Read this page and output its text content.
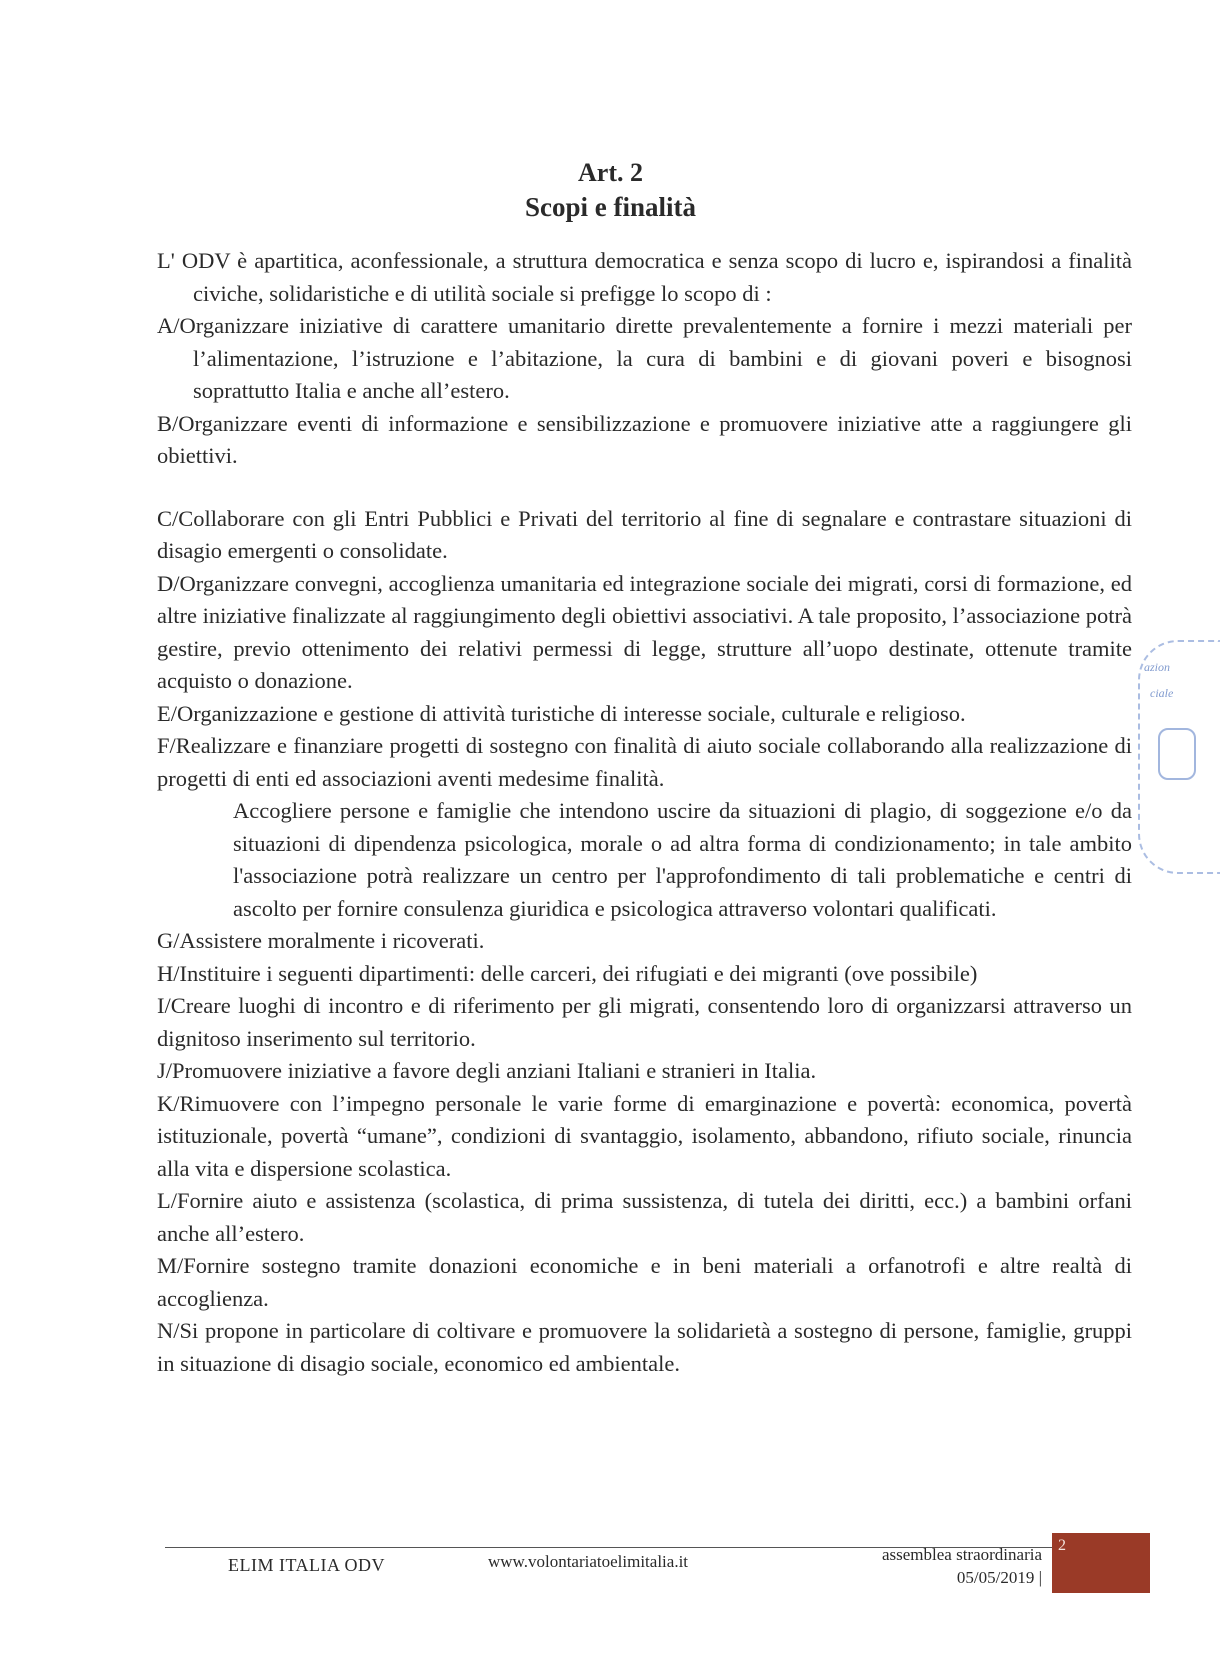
Art. 2
Scopi e finalità

L' ODV è apartitica, aconfessionale, a struttura democratica e senza scopo di lucro e, ispirandosi a finalità civiche, solidaristiche e di utilità sociale si prefigge lo scopo di :

A/Organizzare iniziative di carattere umanitario dirette prevalentemente a fornire i mezzi materiali per l’alimentazione, l’istruzione e l’abitazione, la cura di bambini e di giovani poveri e bisognosi soprattutto Italia e anche all’estero.

B/Organizzare eventi di informazione e sensibilizzazione e promuovere iniziative atte a raggiungere gli obiettivi.

C/Collaborare con gli Entri Pubblici e Privati del territorio al fine di segnalare e contrastare situazioni di disagio emergenti o consolidate.

D/Organizzare convegni, accoglienza umanitaria ed integrazione sociale dei migrati, corsi di formazione, ed altre iniziative finalizzate al raggiungimento degli obiettivi associativi. A tale proposito, l’associazione potrà gestire, previo ottenimento dei relativi permessi di legge, strutture all’uopo destinate, ottenute tramite acquisto o donazione.

E/Organizzazione e gestione di attività turistiche di interesse sociale, culturale e religioso.

F/Realizzare e finanziare progetti di sostegno con finalità di aiuto sociale collaborando alla realizzazione di progetti di enti ed associazioni aventi medesime finalità.

Accogliere persone e famiglie che intendono uscire da situazioni di plagio, di soggezione e/o da situazioni di dipendenza psicologica, morale o ad altra forma di condizionamento; in tale ambito l'associazione potrà realizzare un centro per l'approfondimento di tali problematiche e centri di ascolto per fornire consulenza giuridica e psicologica attraverso volontari qualificati.

G/Assistere moralmente i ricoverati.

H/Instituire i seguenti dipartimenti: delle carceri, dei rifugiati e dei migranti (ove possibile)

I/Creare luoghi di incontro e di riferimento per gli migrati, consentendo loro di organizzarsi attraverso un dignitoso inserimento sul territorio.

J/Promuovere iniziative a favore degli anziani Italiani e stranieri in Italia.

K/Rimuovere con l’impegno personale le varie forme di emarginazione e povertà: economica, povertà istituzionale, povertà “umane”, condizioni di svantaggio, isolamento, abbandono, rifiuto sociale, rinuncia alla vita e dispersione scolastica.

L/Fornire aiuto e assistenza (scolastica, di prima sussistenza, di tutela dei diritti, ecc.) a bambini orfani anche all’estero.

M/Fornire sostegno tramite donazioni economiche e in beni materiali a orfanotrofi e altre realtà di accoglienza.

N/Si propone in particolare di coltivare e promuovere la solidarietà a sostegno di persone, famiglie, gruppi in situazione di disagio sociale, economico ed ambientale.

azion
ciale
ELIM ITALIA ODV	www.volontariatoelimitalia.it	assemblea straordinaria
05/05/2019 |
2
